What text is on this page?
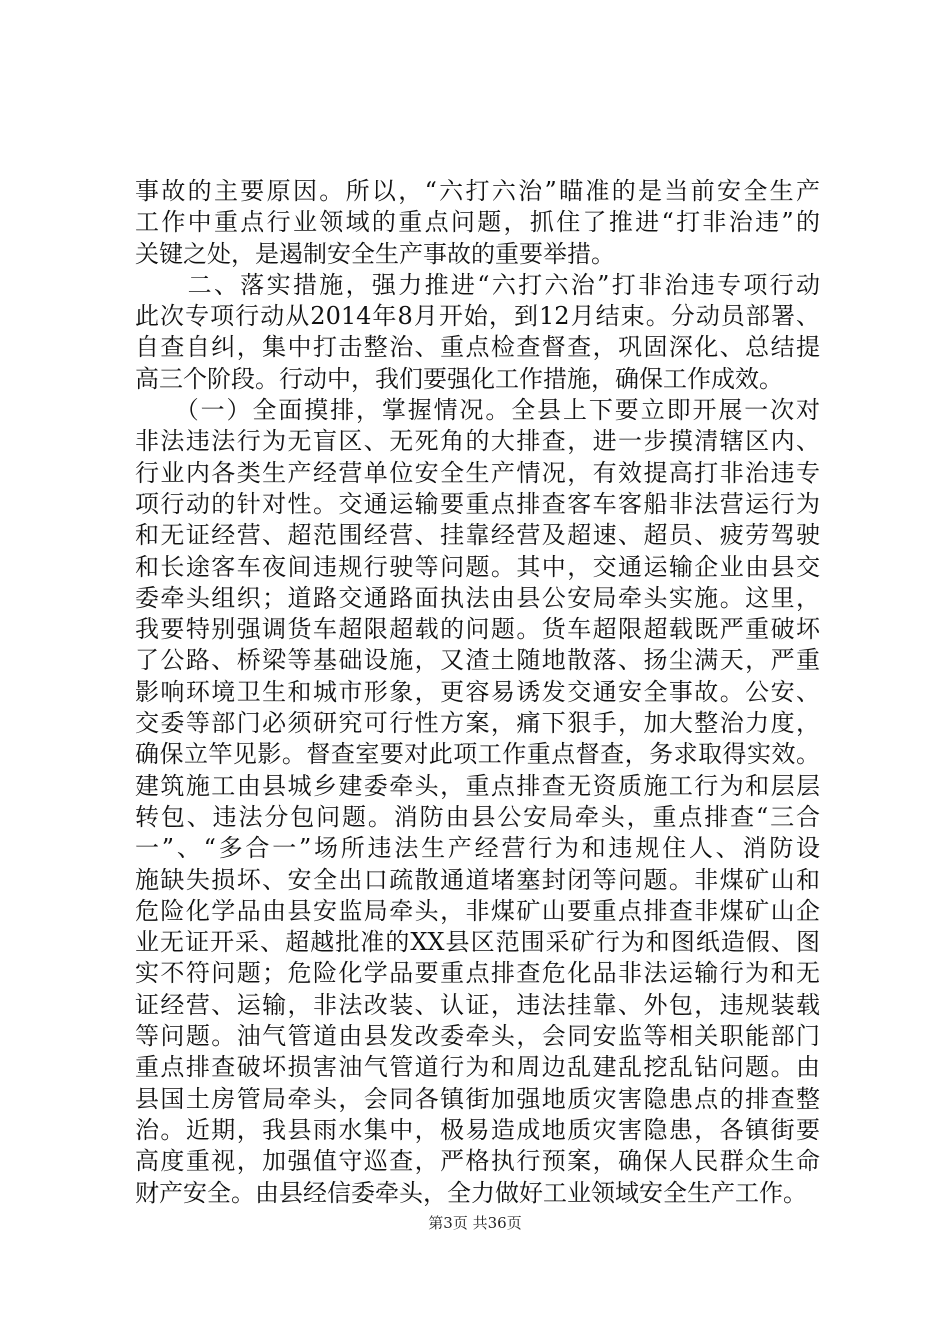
事故的主要原因。所以，“六打六治”瞄准的是当前安全生产
工作中重点行业领域的重点问题，抓住了推进“打非治违”的
关键之处，是遏制安全生产事故的重要举措。
　　二、落实措施，强力推进“六打六治”打非治违专项行动
此次专项行动从2014年8月开始，到12月结束。分动员部署、
自查自纠，集中打击整治、重点检查督查，巩固深化、总结提
高三个阶段。行动中，我们要强化工作措施，确保工作成效。
　　（一）全面摸排，掌握情况。全县上下要立即开展一次对
非法违法行为无盲区、无死角的大排查，进一步摸清辖区内、
行业内各类生产经营单位安全生产情况，有效提高打非治违专
项行动的针对性。交通运输要重点排查客车客船非法营运行为
和无证经营、超范围经营、挂靠经营及超速、超员、疲劳驾驶
和长途客车夜间违规行驶等问题。其中，交通运输企业由县交
委牵头组织；道路交通路面执法由县公安局牵头实施。这里，
我要特别强调货车超限超载的问题。货车超限超载既严重破坏
了公路、桥梁等基础设施，又渣土随地散落、扬尘满天，严重
影响环境卫生和城市形象，更容易诱发交通安全事故。公安、
交委等部门必须研究可行性方案，痛下狠手，加大整治力度，
确保立竿见影。督查室要对此项工作重点督查，务求取得实效。
建筑施工由县城乡建委牵头，重点排查无资质施工行为和层层
转包、违法分包问题。消防由县公安局牵头，重点排查“三合
一”、“多合一”场所违法生产经营行为和违规住人、消防设
施缺失损坏、安全出口疏散通道堵塞封闭等问题。非煤矿山和
危险化学品由县安监局牵头，非煤矿山要重点排查非煤矿山企
业无证开采、超越批准的XX县区范围采矿行为和图纸造假、图
实不符问题；危险化学品要重点排查危化品非法运输行为和无
证经营、运输，非法改装、认证，违法挂靠、外包，违规装载
等问题。油气管道由县发改委牵头，会同安监等相关职能部门
重点排查破坏损害油气管道行为和周边乱建乱挖乱钻问题。由
县国土房管局牵头，会同各镇街加强地质灾害隐患点的排查整
治。近期，我县雨水集中，极易造成地质灾害隐患，各镇街要
高度重视，加强值守巡查，严格执行预案，确保人民群众生命
财产安全。由县经信委牵头，全力做好工业领域安全生产工作。
第3页 共36页
